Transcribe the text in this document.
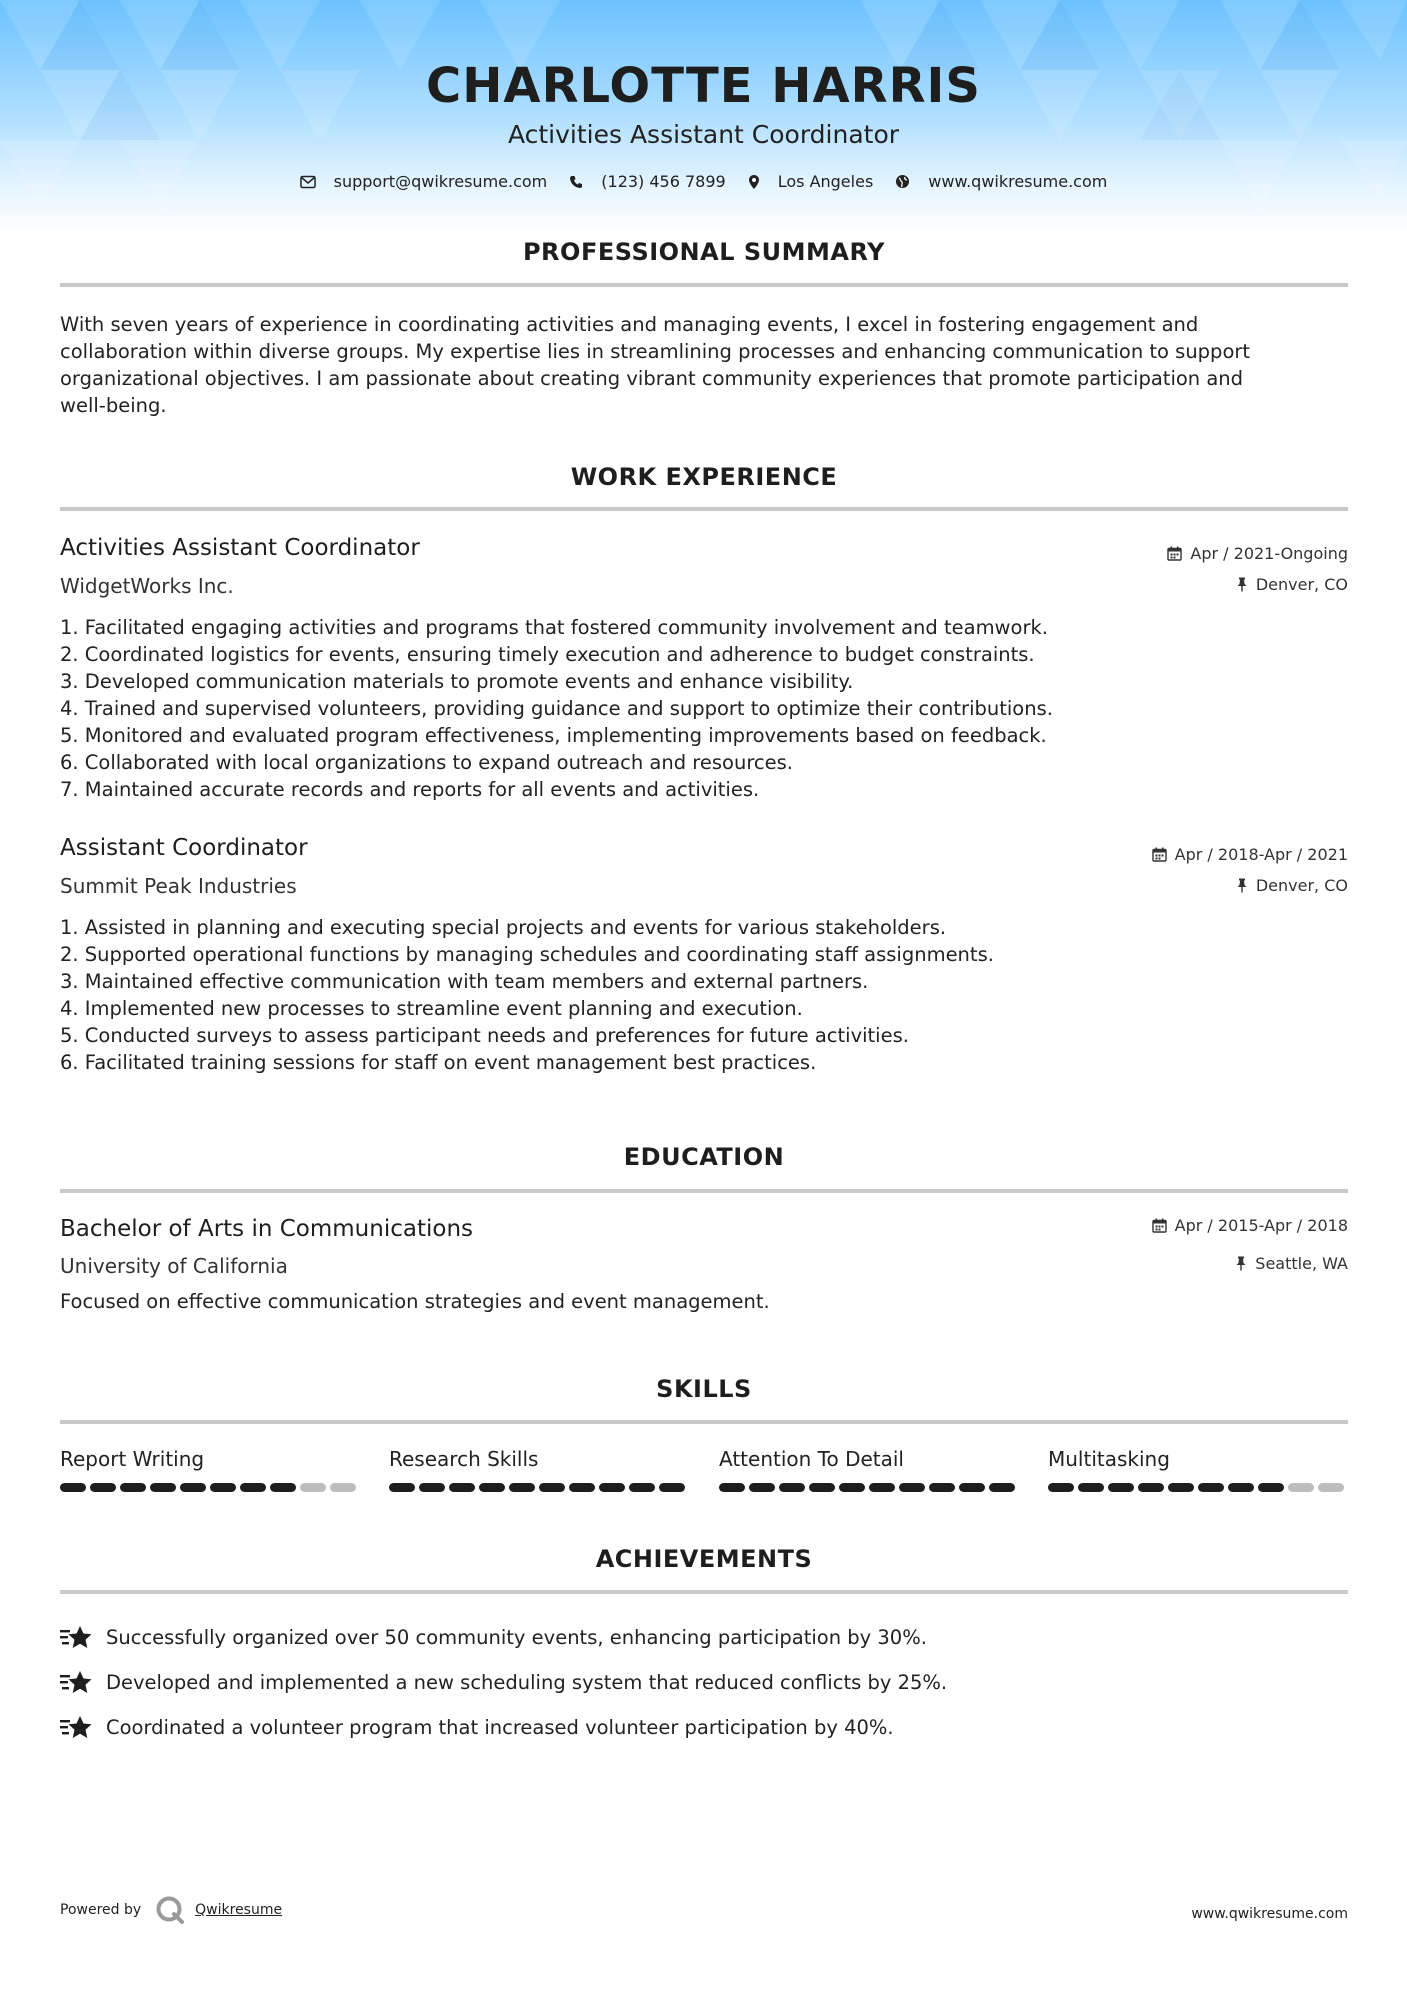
CHARLOTTE HARRIS
Activities Assistant Coordinator
support@qwikresume.com	(123) 456 7899	Los Angeles	www.qwikresume.com
PROFESSIONAL SUMMARY
With seven years of experience in coordinating activities and managing events, I excel in fostering engagement and
collaboration within diverse groups. My expertise lies in streamlining processes and enhancing communication to support
organizational objectives. I am passionate about creating vibrant community experiences that promote participation and
well-being.
WORK EXPERIENCE
Activities Assistant Coordinator
WidgetWorks Inc.
Apr / 2021-Ongoing
Denver, CO
1. Facilitated engaging activities and programs that fostered community involvement and teamwork.
2. Coordinated logistics for events, ensuring timely execution and adherence to budget constraints.
3. Developed communication materials to promote events and enhance visibility.
4. Trained and supervised volunteers, providing guidance and support to optimize their contributions.
5. Monitored and evaluated program effectiveness, implementing improvements based on feedback.
6. Collaborated with local organizations to expand outreach and resources.
7. Maintained accurate records and reports for all events and activities.
Assistant Coordinator
Summit Peak Industries
Apr / 2018-Apr / 2021
Denver, CO
1. Assisted in planning and executing special projects and events for various stakeholders.
2. Supported operational functions by managing schedules and coordinating staff assignments.
3. Maintained effective communication with team members and external partners.
4. Implemented new processes to streamline event planning and execution.
5. Conducted surveys to assess participant needs and preferences for future activities.
6. Facilitated training sessions for staff on event management best practices.
EDUCATION
Bachelor of Arts in Communications
University of California
Apr / 2015-Apr / 2018
Seattle, WA
Focused on effective communication strategies and event management.
SKILLS
Report Writing	Research Skills	Attention To Detail	Multitasking
ACHIEVEMENTS
Successfully organized over 50 community events, enhancing participation by 30%.
Developed and implemented a new scheduling system that reduced conflicts by 25%.
Coordinated a volunteer program that increased volunteer participation by 40%.
Powered by	Qwikresume	www.qwikresume.com
